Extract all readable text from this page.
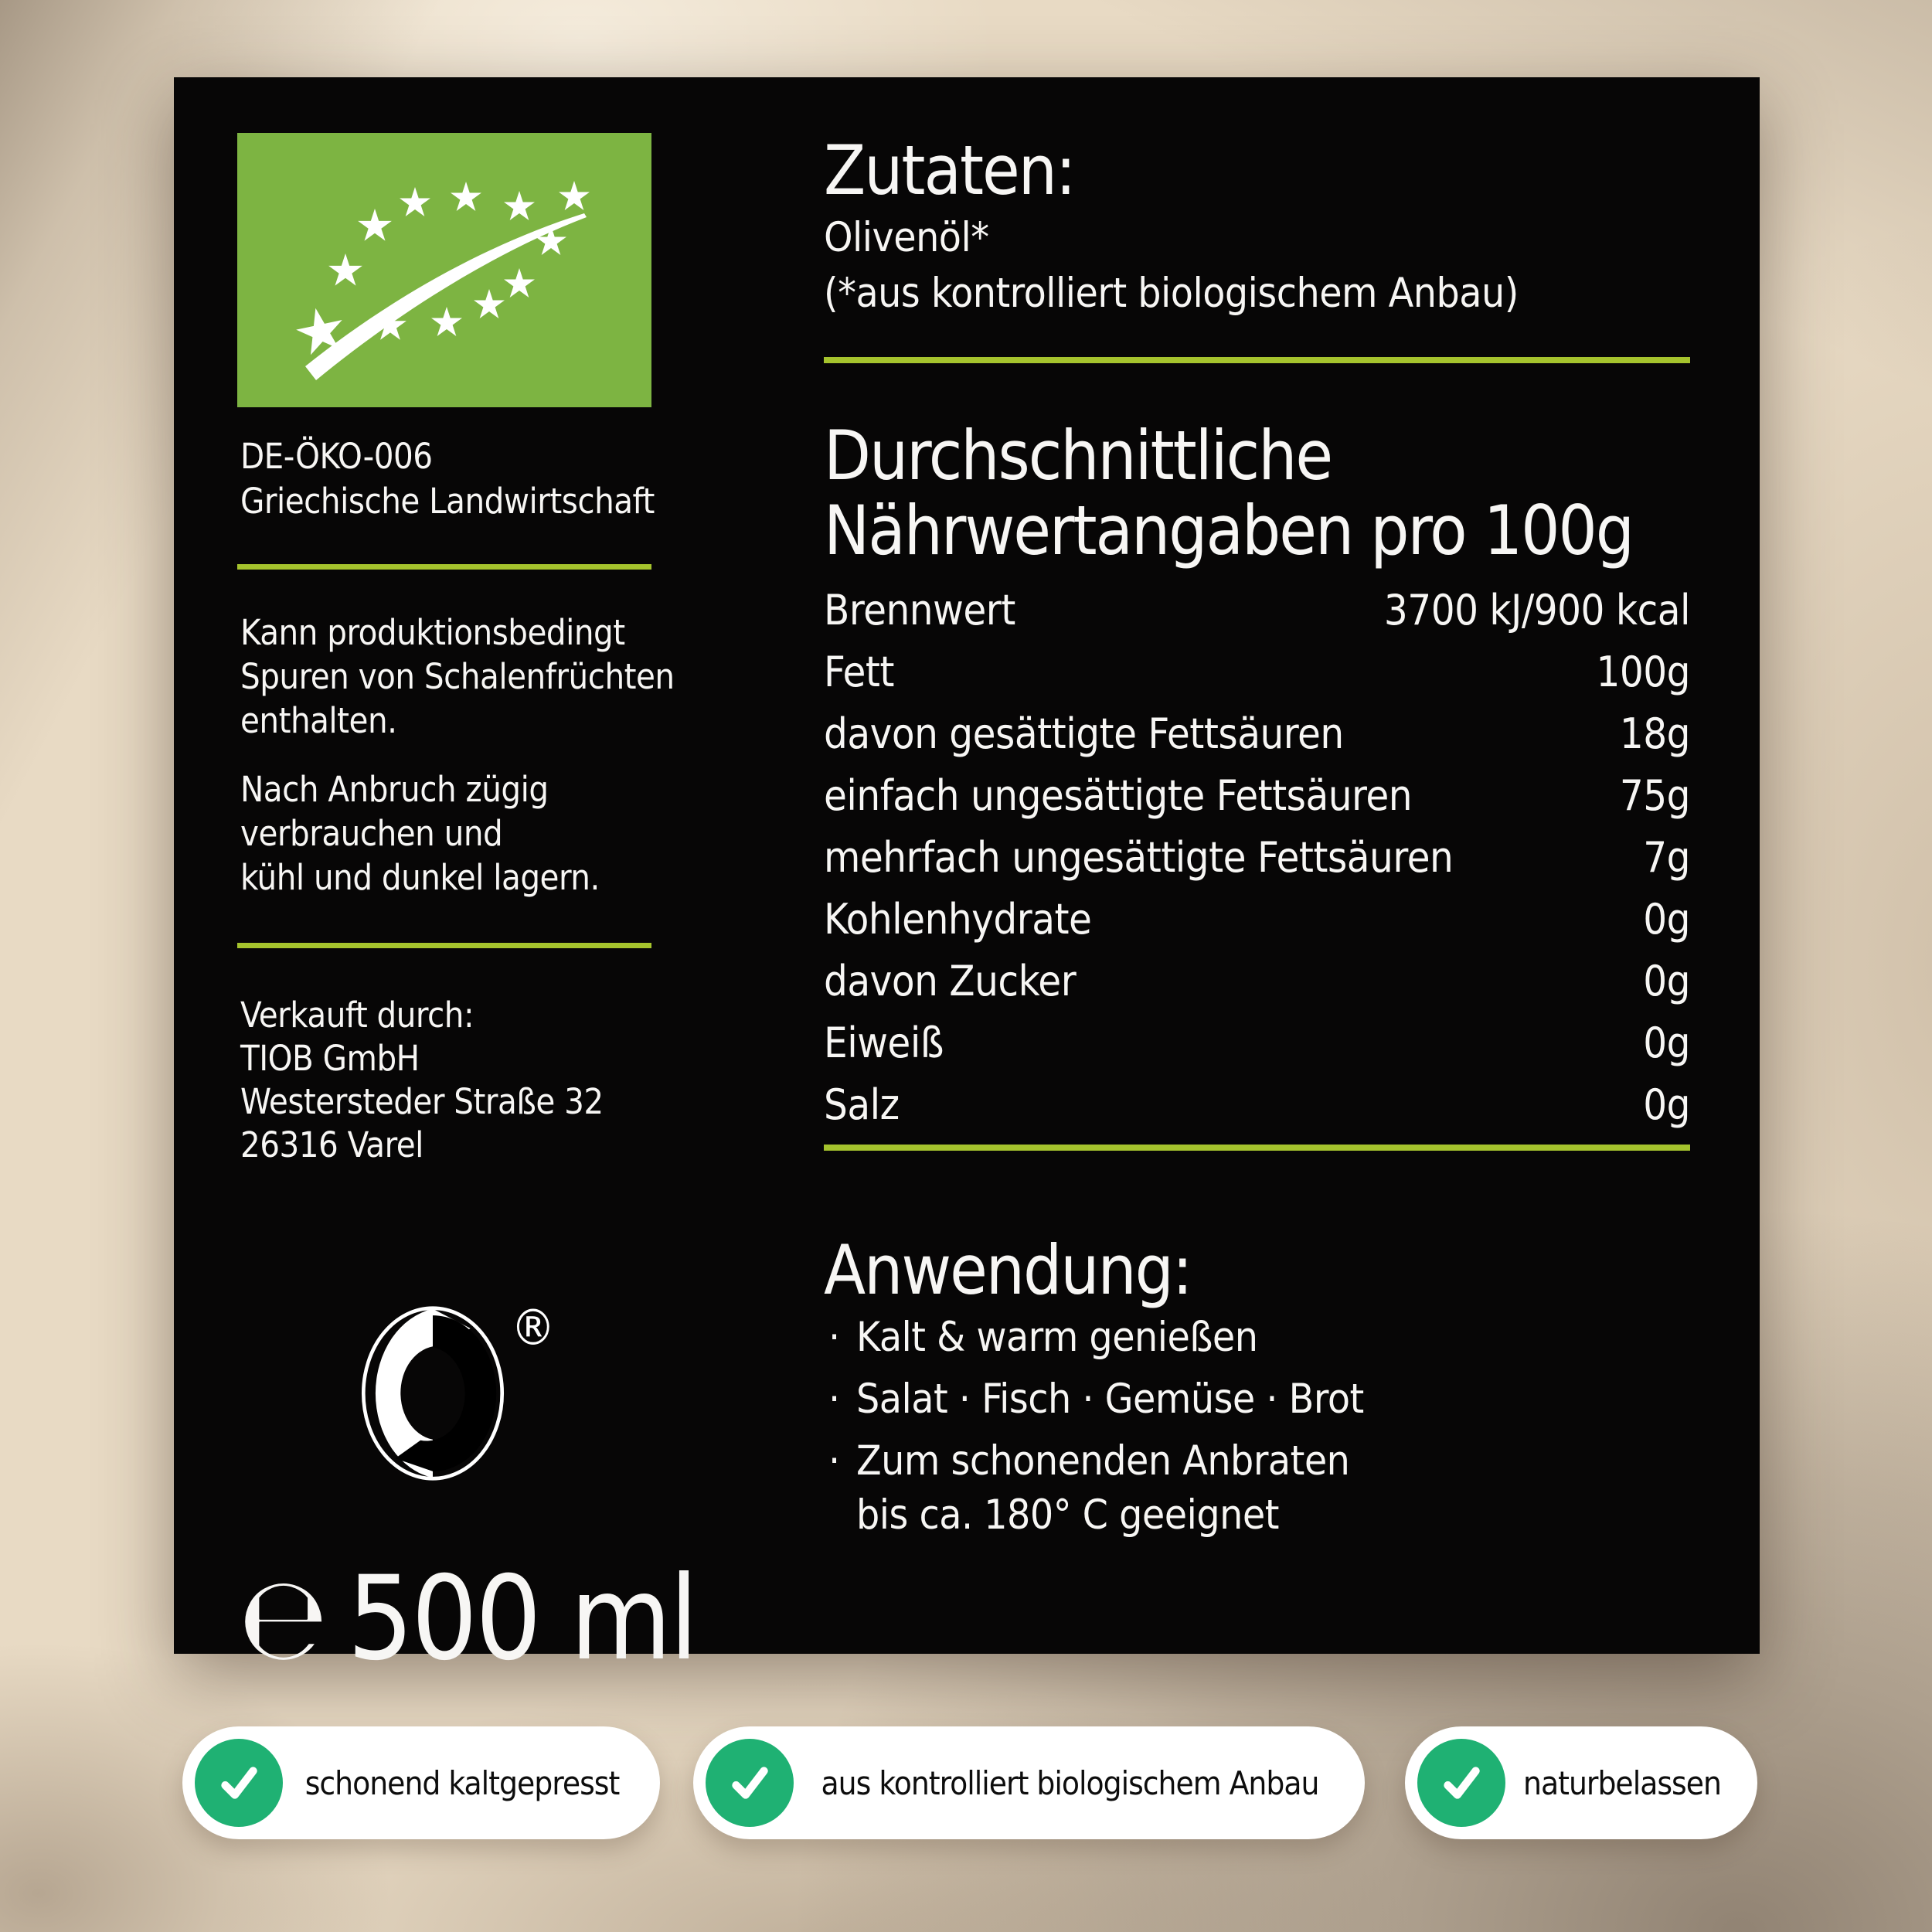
DE-ÖKO-006
Griechische Landwirtschaft
Kann produktionsbedingt
Spuren von Schalenfrüchten
enthalten.
Nach Anbruch zügig
verbrauchen und
kühl und dunkel lagern.
Verkauft durch:
TIOB GmbH
Westersteder Straße 32
26316 Varel
®
℮ 500 ml
Zutaten:
Olivenöl*
(*aus kontrolliert biologischem Anbau)
Durchschnittliche
Nährwertangaben pro 100g
Brennwert	3700 kJ/900 kcal
Fett	100g
davon gesättigte Fettsäuren	18g
einfach ungesättigte Fettsäuren	75g
mehrfach ungesättigte Fettsäuren	7g
Kohlenhydrate	0g
davon Zucker	0g
Eiweiß	0g
Salz	0g
Anwendung:
· Kalt & warm genießen
· Salat · Fisch · Gemüse · Brot
· Zum schonenden Anbraten
bis ca. 180° C geeignet
schonend kaltgepresst	aus kontrolliert biologischem Anbau	naturbelassen
